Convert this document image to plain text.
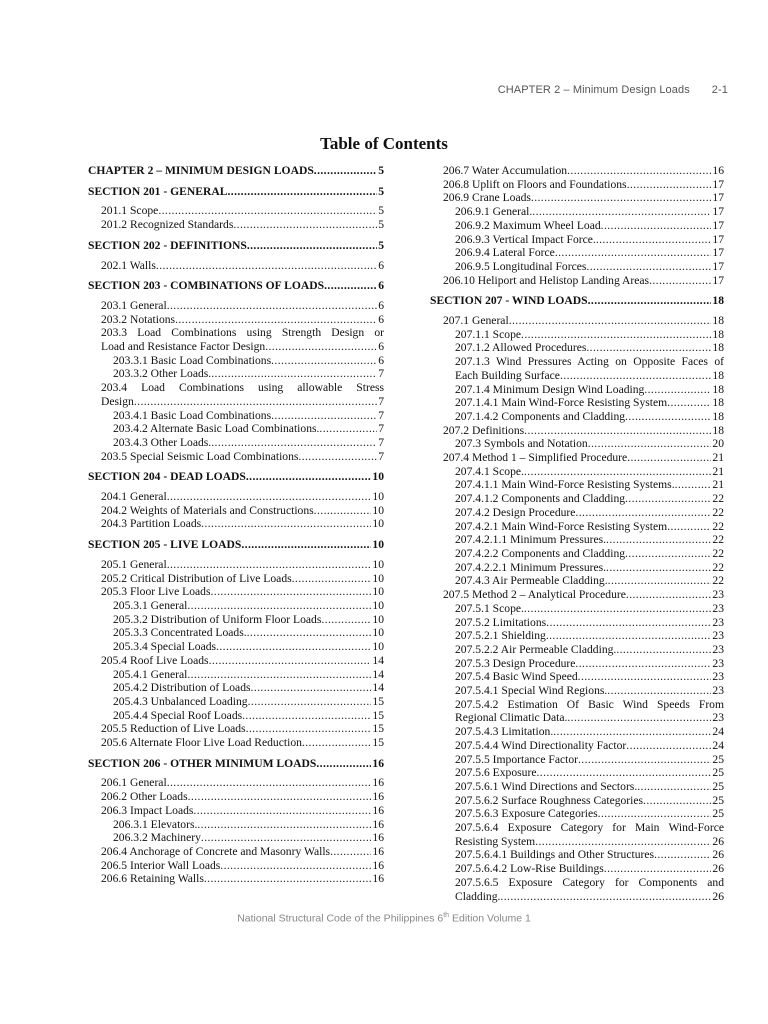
CHAPTER 2 – Minimum Design Loads 2-1
Table of Contents
CHAPTER 2 – MINIMUM DESIGN LOADS .....	5
SECTION 201 - GENERAL .....	5
201.1 Scope .....	5
201.2 Recognized Standards .....	5
SECTION 202 - DEFINITIONS .....	5
202.1 Walls .....	6
SECTION 203 - COMBINATIONS OF LOADS .....	6
203.1 General .....	6
203.2 Notations .....	6
203.3 Load Combinations using Strength Design or
Load and Resistance Factor Design .....	6
203.3.1 Basic Load Combinations .....	6
203.3.2 Other Loads. .....	7
203.4 Load Combinations using allowable Stress
Design .....	7
203.4.1 Basic Load Combinations .....	7
203.4.2 Alternate Basic Load Combinations. .....	7
203.4.3 Other Loads. .....	7
203.5 Special Seismic Load Combinations .....	7
SECTION 204 - DEAD LOADS .....	10
204.1 General .....	10
204.2 Weights of Materials and Constructions .....	10
204.3 Partition Loads .....	10
SECTION 205 - LIVE LOADS .....	10
205.1 General .....	10
205.2 Critical Distribution of Live Loads .....	10
205.3 Floor Live Loads .....	10
205.3.1 General .....	10
205.3.2 Distribution of Uniform Floor Loads .....	10
205.3.3 Concentrated Loads. .....	10
205.3.4 Special Loads .....	10
205.4 Roof Live Loads .....	14
205.4.1 General .....	14
205.4.2 Distribution of Loads .....	14
205.4.3 Unbalanced Loading .....	15
205.4.4 Special Roof Loads .....	15
205.5 Reduction of Live Loads .....	15
205.6 Alternate Floor Live Load Reduction .....	15
SECTION 206 - OTHER MINIMUM LOADS .....	16
206.1 General .....	16
206.2 Other Loads .....	16
206.3 Impact Loads .....	16
206.3.1 Elevators. .....	16
206.3.2 Machinery .....	16
206.4 Anchorage of Concrete and Masonry Walls .....	16
206.5 Interior Wall Loads .....	16
206.6 Retaining Walls .....	16
206.7 Water Accumulation .....	16
206.8 Uplift on Floors and Foundations .....	17
206.9 Crane Loads .....	17
206.9.1 General. .....	17
206.9.2 Maximum Wheel Load .....	17
206.9.3 Vertical Impact Force. .....	17
206.9.4 Lateral Force .....	17
206.9.5 Longitudinal Forces .....	17
206.10 Heliport and Helistop Landing Areas .....	17
SECTION 207 - WIND LOADS .....	18
207.1 General .....	18
207.1.1 Scope .....	18
207.1.2 Allowed Procedures .....	18
207.1.3 Wind Pressures Acting on Opposite Faces of
Each Building Surface .....	18
207.1.4 Minimum Design Wind Loading .....	18
207.1.4.1 Main Wind-Force Resisting System .....	18
207.1.4.2 Components and Cladding .....	18
207.2 Definitions .....	18
207.3 Symbols and Notation .....	20
207.4 Method 1 – Simplified Procedure .....	21
207.4.1 Scope. .....	21
207.4.1.1 Main Wind-Force Resisting Systems. .....	21
207.4.1.2 Components and Cladding .....	22
207.4.2 Design Procedure .....	22
207.4.2.1 Main Wind-Force Resisting System .....	22
207.4.2.1.1 Minimum Pressures. .....	22
207.4.2.2 Components and Cladding .....	22
207.4.2.2.1 Minimum Pressures. .....	22
207.4.3 Air Permeable Cladding. .....	22
207.5 Method 2 – Analytical Procedure .....	23
207.5.1 Scope. .....	23
207.5.2 Limitations .....	23
207.5.2.1 Shielding .....	23
207.5.2.2 Air Permeable Cladding. .....	23
207.5.3 Design Procedure .....	23
207.5.4 Basic Wind Speed .....	23
207.5.4.1 Special Wind Regions. .....	23
207.5.4.2 Estimation Of Basic Wind Speeds From
Regional Climatic Data. .....	23
207.5.4.3 Limitation. .....	24
207.5.4.4 Wind Directionality Factor .....	24
207.5.5 Importance Factor .....	25
207.5.6 Exposure .....	25
207.5.6.1 Wind Directions and Sectors. .....	25
207.5.6.2 Surface Roughness Categories .....	25
207.5.6.3 Exposure Categories .....	25
207.5.6.4 Exposure Category for Main Wind-Force
Resisting System .....	26
207.5.6.4.1 Buildings and Other Structures .....	26
207.5.6.4.2 Low-Rise Buildings .....	26
207.5.6.5 Exposure Category for Components and
Cladding. .....	26
National Structural Code of the Philippines 6th Edition Volume 1
